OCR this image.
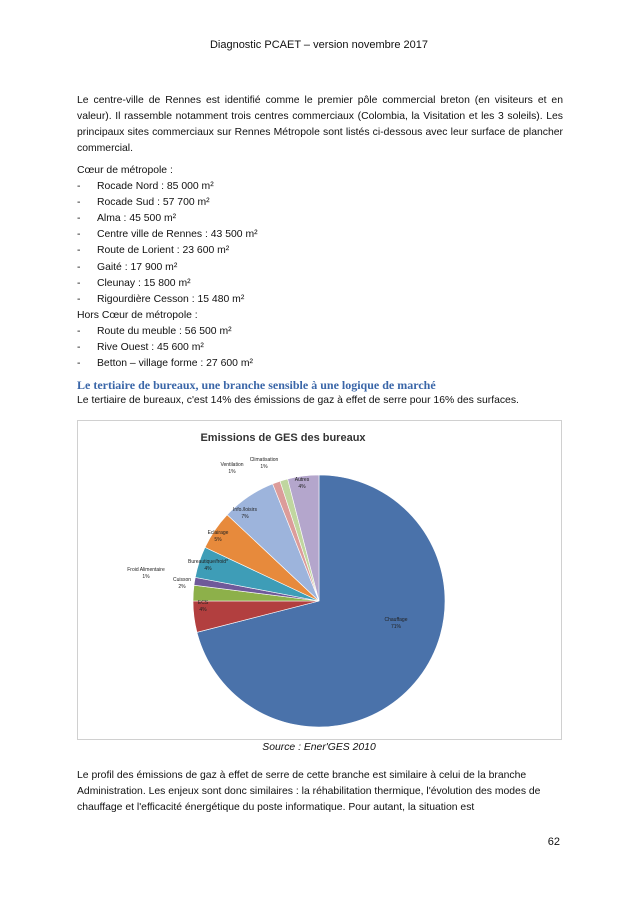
Diagnostic PCAET – version novembre 2017

Le centre-ville de Rennes est identifié comme le premier pôle commercial breton (en visiteurs et en valeur). Il rassemble notamment trois centres commerciaux (Colombia, la Visitation et les 3 soleils). Les principaux sites commerciaux sur Rennes Métropole sont listés ci-dessous avec leur surface de plancher commercial.

Cœur de métropole :
- Rocade Nord : 85 000 m²
- Rocade Sud : 57 700 m²
- Alma : 45 500 m²
- Centre ville de Rennes : 43 500 m²
- Route de Lorient : 23 600 m²
- Gaité : 17 900 m²
- Cleunay : 15 800 m²
- Rigourdière Cesson : 15 480 m²
Hors Cœur de métropole :
- Route du meuble : 56 500 m²
- Rive Ouest : 45 600 m²
- Betton – village forme : 27 600 m²
Le tertiaire de bureaux, une branche sensible à une logique de marché
Le tertiaire de bureaux, c'est 14% des émissions de gaz à effet de serre pour 16% des surfaces.
Emissions de GES des bureaux
Chauffage
71%
ECS
4%
Cuisson
2%
Froid Alimentaire
1%
Bureautique/froid*
4%
Eclairage
5%
Info./loisirs
7%
Ventilation
1%
Climatisation
1%
Autres
4%
Source : Ener'GES 2010

Le profil des émissions de gaz à effet de serre de cette branche est similaire à celui de la branche Administration. Les enjeux sont donc similaires : la réhabilitation thermique, l'évolution des modes de chauffage et l'efficacité énergétique du poste informatique. Pour autant, la situation est

62
